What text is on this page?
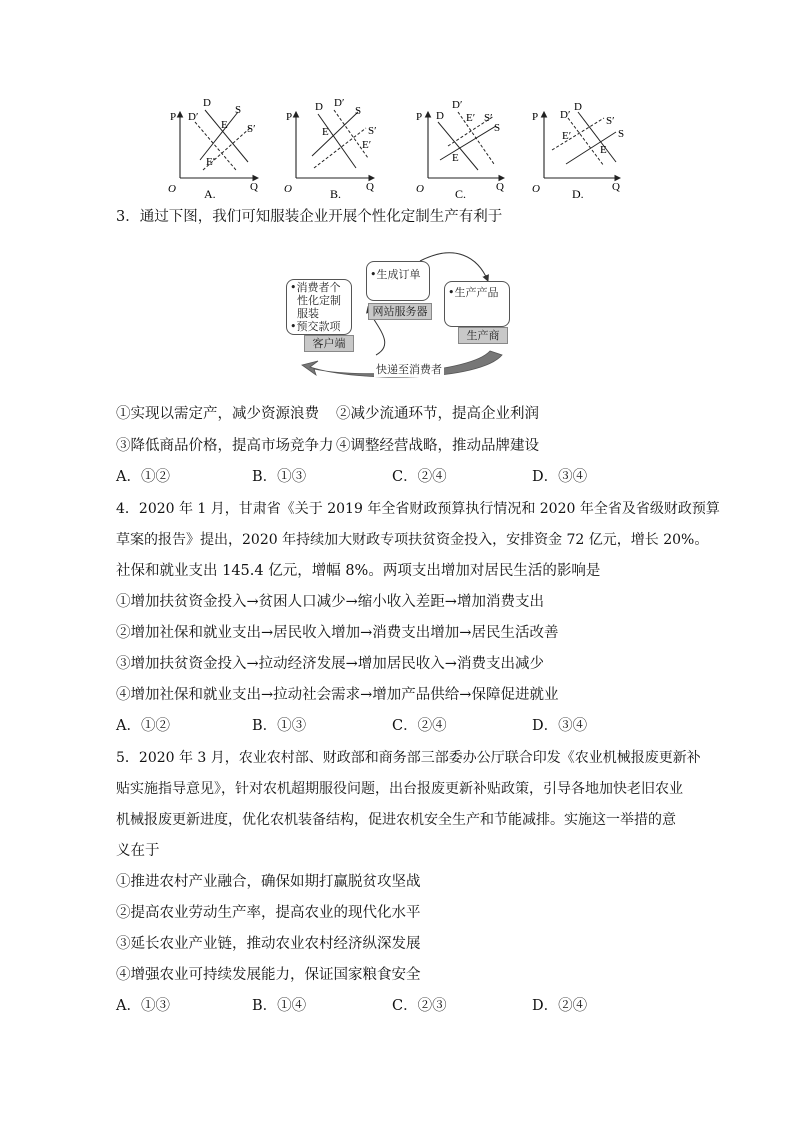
P
Q
O
D
D′
S
E S′
E′
A.
P
Q
O
D′
D	S
E	S′
E′
B.
P
Q
O
D′
D E′ S′
S
E
C.
P
Q
O
D′
D
S′
E′	S
E
D.
3．通过下图，我们可知服装企业开展个性化定制生产有利于
•消费者个
性化定制
服装
•预交款项
客户端
•生成订单
网站服务器
•生产产品
生产商
快递至消费者
①实现以需定产，减少资源浪费 ②减少流通环节，提高企业利润
③降低商品价格，提高市场竞争力 ④调整经营战略，推动品牌建设
A．①②	B．①③	C．②④	D．③④
4．2020 年 1 月，甘肃省《关于 2019 年全省财政预算执行情况和 2020 年全省及省级财政预算
草案的报告》提出，2020 年持续加大财政专项扶贫资金投入，安排资金 72 亿元，增长 20%。
社保和就业支出 145.4 亿元，增幅 8%。两项支出增加对居民生活的影响是
①增加扶贫资金投入→贫困人口减少→缩小收入差距→增加消费支出
②增加社保和就业支出→居民收入增加→消费支出增加→居民生活改善
③增加扶贫资金投入→拉动经济发展→增加居民收入→消费支出减少
④增加社保和就业支出→拉动社会需求→增加产品供给→保障促进就业
A．①②	B．①③	C．②④	D．③④
5．2020 年 3 月，农业农村部、财政部和商务部三部委办公厅联合印发《农业机械报废更新补
贴实施指导意见》，针对农机超期服役问题，出台报废更新补贴政策，引导各地加快老旧农业
机械报废更新进度，优化农机装备结构，促进农机安全生产和节能减排。实施这一举措的意
义在于
①推进农村产业融合，确保如期打赢脱贫攻坚战
②提高农业劳动生产率，提高农业的现代化水平
③延长农业产业链，推动农业农村经济纵深发展
④增强农业可持续发展能力，保证国家粮食安全
A．①③	B．①④	C．②③	D．②④
